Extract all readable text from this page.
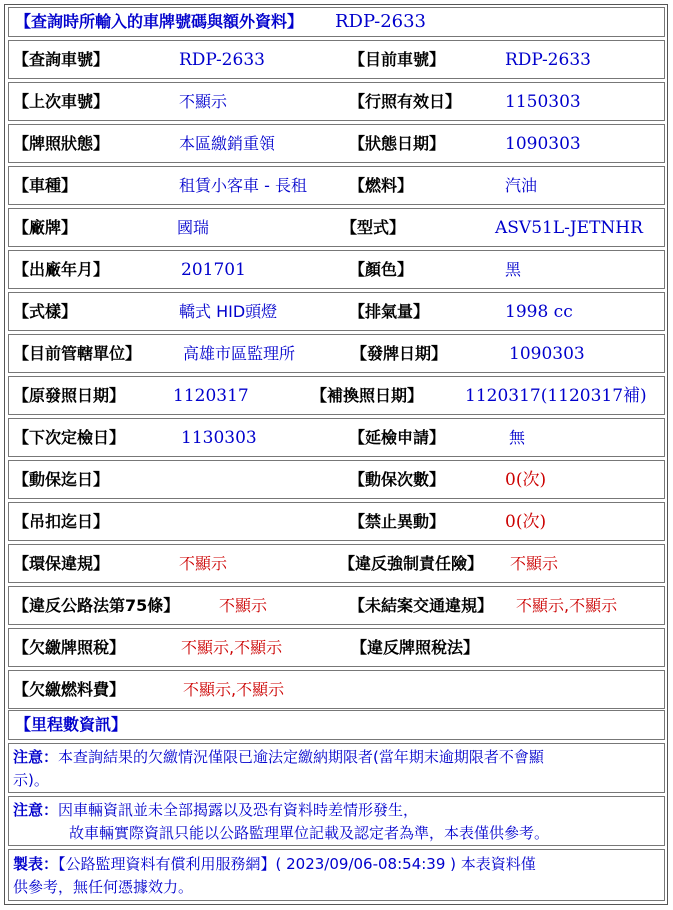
【查詢時所輸入的車牌號碼與額外資料】 RDP-2633
【查詢車號】	RDP-2633	【目前車號】	RDP-2633
【上次車號】	不顯示	【行照有效日】	1150303
【牌照狀態】	本區繳銷重領	【狀態日期】	1090303
【車種】	租賃小客車 - 長租	【燃料】	汽油
【廠牌】	國瑞	【型式】	ASV51L-JETNHR
【出廠年月】	201701	【顏色】	黑
【式樣】	轎式 HID頭燈	【排氣量】	1998 cc
【目前管轄單位】	高雄市區監理所	【發牌日期】	1090303
【原發照日期】	1120317	【補換照日期】 1120317(1120317補)
【下次定檢日】	1130303	【延檢申請】	無
【動保迄日】	【動保次數】	0(次)
【吊扣迄日】	【禁止異動】	0(次)
【環保違規】	不顯示	【違反強制責任險】 不顯示
【違反公路法第75條】 不顯示	【未結案交通違規】 不顯示,不顯示
【欠繳牌照稅】	不顯示,不顯示	【違反牌照稅法】
【欠繳燃料費】	不顯示,不顯示
【里程數資訊】
注意：本查詢結果的欠繳情況僅限已逾法定繳納期限者(當年期末逾期限者不會顯
示)。
注意：因車輛資訊並未全部揭露以及恐有資料時差情形發生，
故車輛實際資訊只能以公路監理單位記載及認定者為準，本表僅供參考。
製表：【公路監理資料有償利用服務網】( 2023/09/06-08:54:39 ) 本表資料僅
供參考，無任何憑據效力。
